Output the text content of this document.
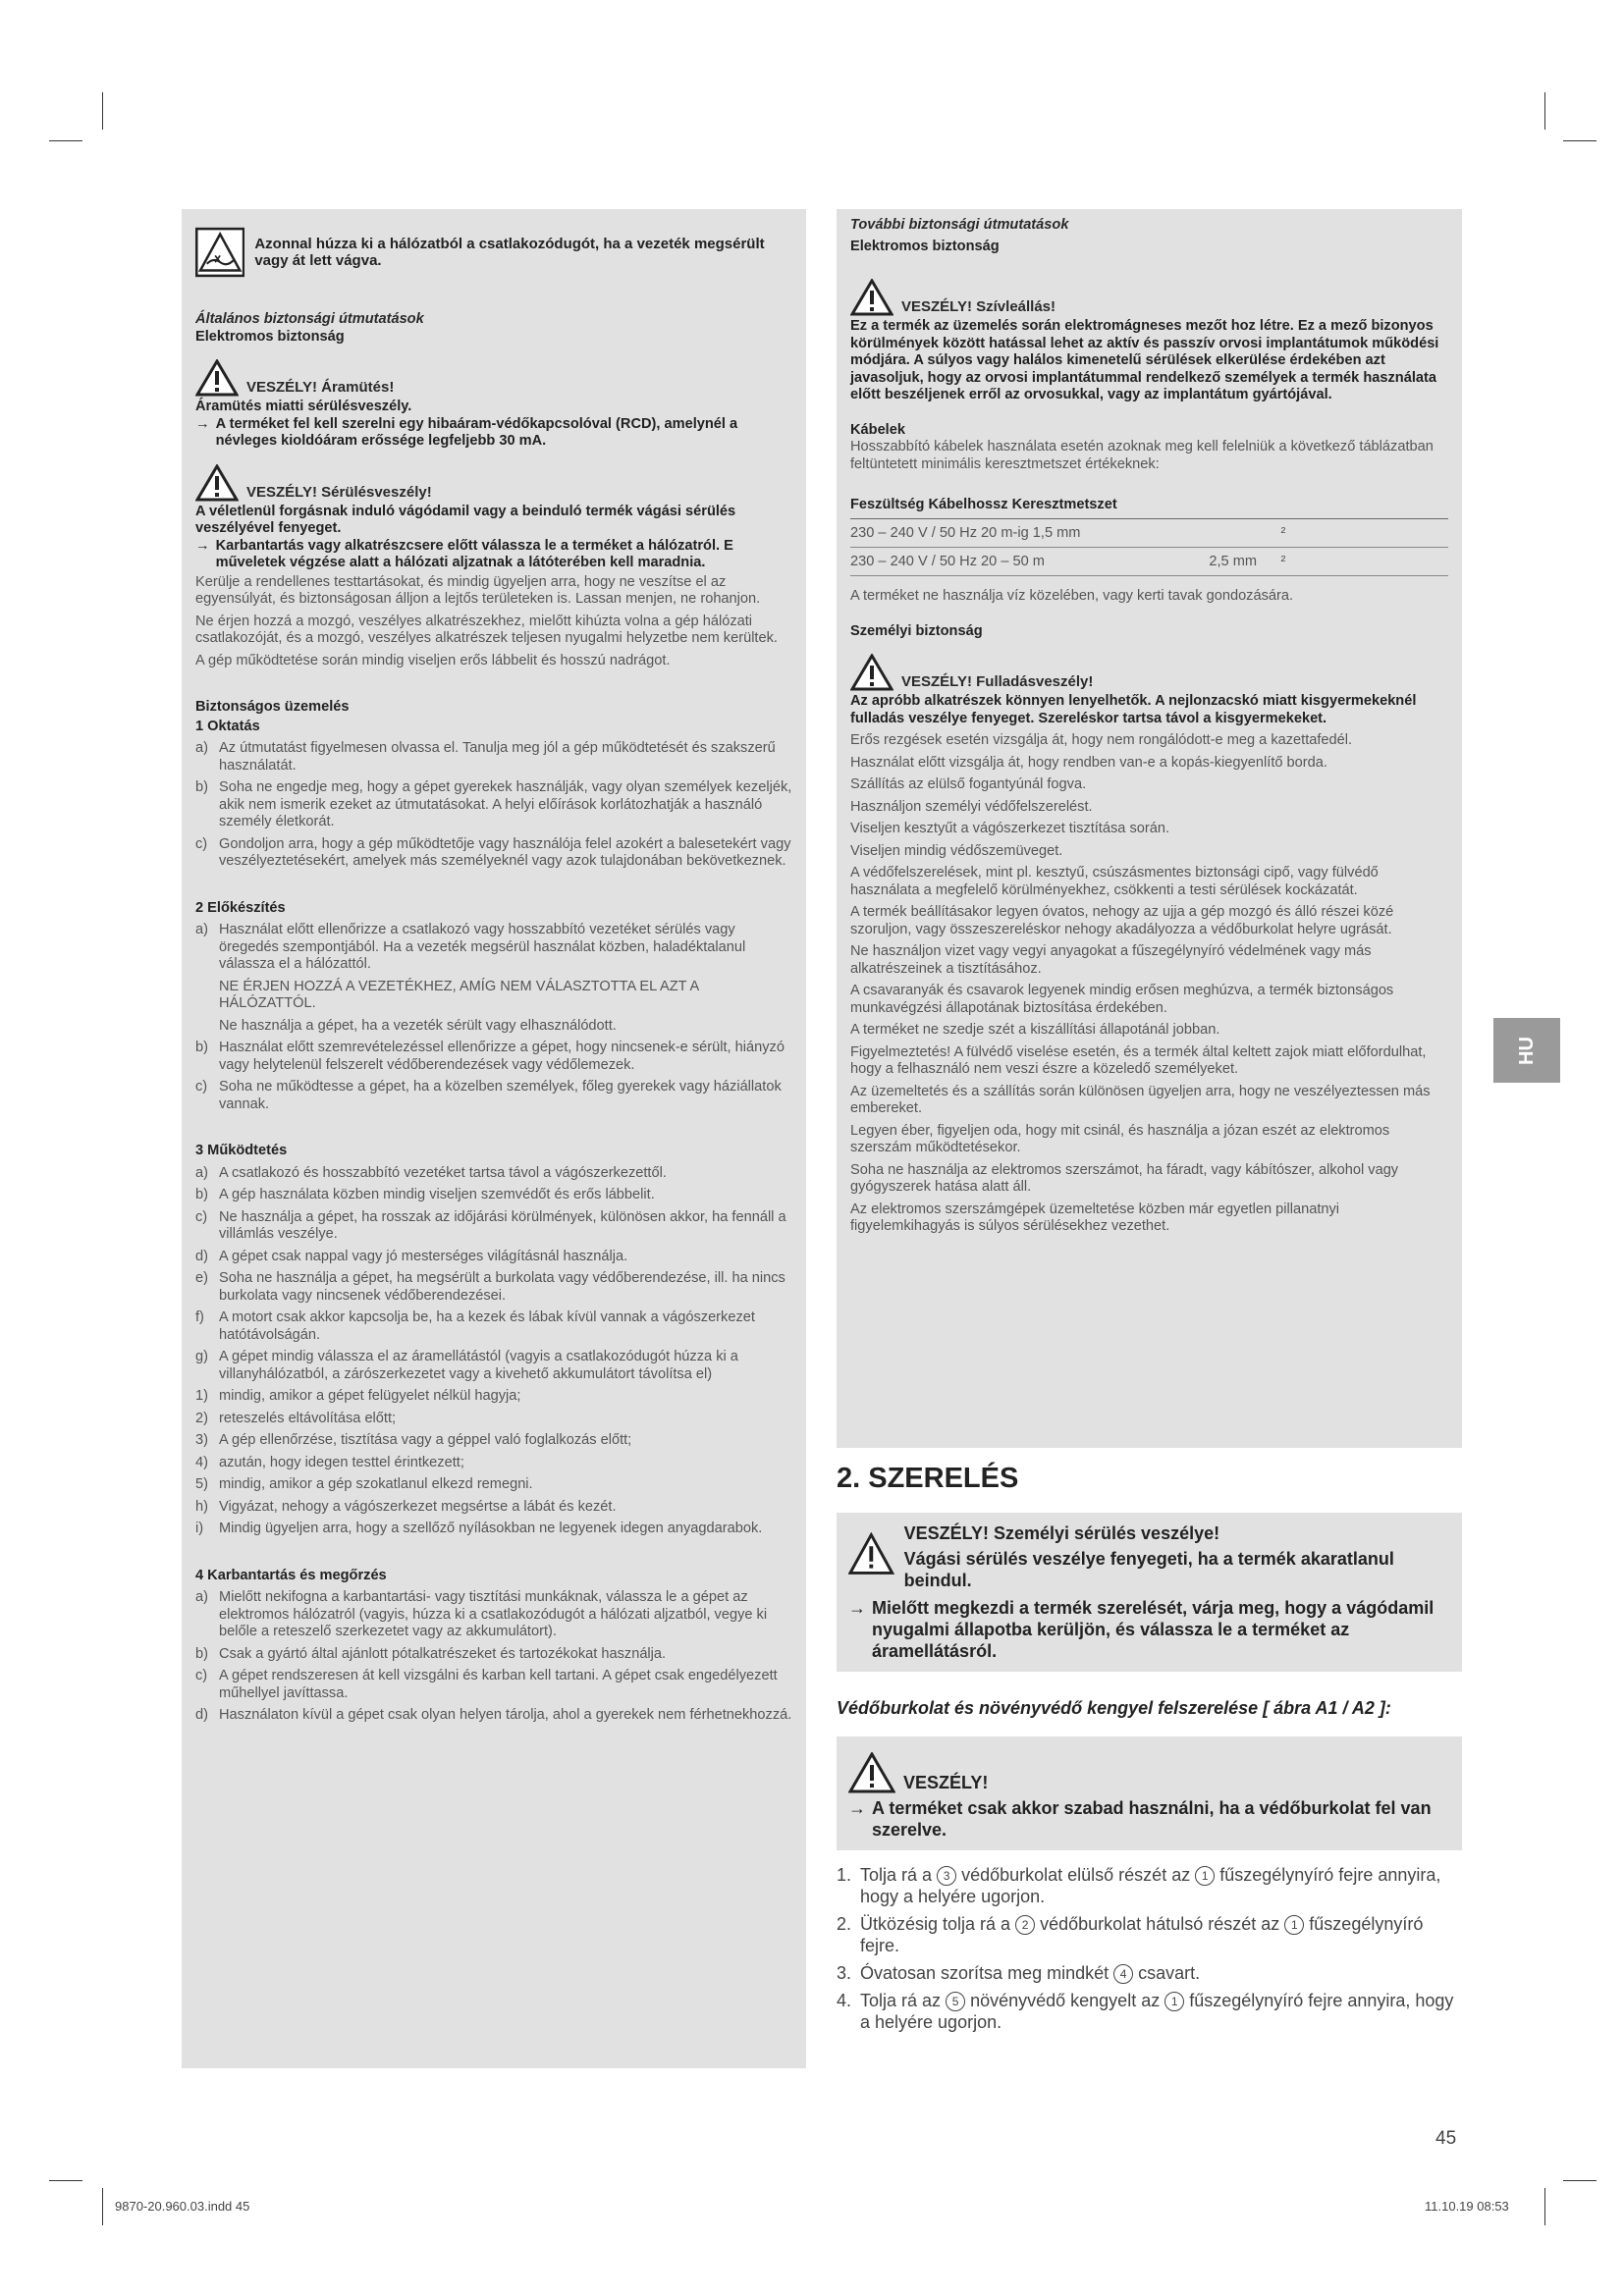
Azonnal húzza ki a hálózatból a csatlakozódugót, ha a vezeték megsérült vagy át lett vágva.

Általános biztonsági útmutatások

Elektromos biztonság

VESZÉLY! Áramütés!

Áramütés miatti sérülésveszély.

→ A terméket fel kell szerelni egy hibaáram-védőkapcsolóval (RCD), amelynél a névleges kioldóáram erőssége legfeljebb 30 mA.
VESZÉLY! Sérülésveszély!

A véletlenül forgásnak induló vágódamil vagy a beinduló termék vágási sérülés veszélyével fenyeget.

→ Karbantartás vagy alkatrészcsere előtt válassza le a terméket a hálózatról. E műveletek végzése alatt a hálózati aljzatnak a látóterében kell maradnia.

Kerülje a rendellenes testtartásokat, és mindig ügyeljen arra, hogy ne veszítse el az egyensúlyát, és biztonságosan álljon a lejtős területeken is. Lassan menjen, ne rohanjon.

Ne érjen hozzá a mozgó, veszélyes alkatrészekhez, mielőtt kihúzta volna a gép hálózati csatlakozóját, és a mozgó, veszélyes alkatrészek teljesen nyugalmi helyzetbe nem kerültek.

A gép működtetése során mindig viseljen erős lábbelit és hosszú nadrágot.

Biztonságos üzemelés

1 Oktatás

a) Az útmutatást figyelmesen olvassa el. Tanulja meg jól a gép működtetését és szakszerű használatát.
b) Soha ne engedje meg, hogy a gépet gyerekek használják, vagy olyan személyek kezeljék, akik nem ismerik ezeket az útmutatásokat. A helyi előírások korlátozhatják a használó személy életkorát.
c) Gondoljon arra, hogy a gép működtetője vagy használója felel azokért a balesetekért vagy veszélyeztetésekért, amelyek más személyeknél vagy azok tulajdonában bekövetkeznek.

2 Előkészítés

a) Használat előtt ellenőrizze a csatlakozó vagy hosszabbító vezetéket sérülés vagy öregedés szempontjából. Ha a vezeték megsérül használat közben, haladéktalanul válassza el a hálózattól.
NE ÉRJEN HOZZÁ A VEZETÉKHEZ, AMÍG NEM VÁLASZTOTTA EL AZT A HÁLÓZATTÓL.
Ne használja a gépet, ha a vezeték sérült vagy elhasználódott.
b) Használat előtt szemrevételezéssel ellenőrizze a gépet, hogy nincsenek-e sérült, hiányzó vagy helytelenül felszerelt védőberendezések vagy védőlemezek.
c) Soha ne működtesse a gépet, ha a közelben személyek, főleg gyerekek vagy háziállatok vannak.

3 Működtetés

a) A csatlakozó és hosszabbító vezetéket tartsa távol a vágószerkezettől.
b) A gép használata közben mindig viseljen szemvédőt és erős lábbelit.
c) Ne használja a gépet, ha rosszak az időjárási körülmények, különösen akkor, ha fennáll a villámlás veszélye.
d) A gépet csak nappal vagy jó mesterséges világításnál használja.
e) Soha ne használja a gépet, ha megsérült a burkolata vagy védőberendezése, ill. ha nincs burkolata vagy nincsenek védőberendezései.
f)	A motort csak akkor kapcsolja be, ha a kezek és lábak kívül vannak a vágószerkezet hatótávolságán.
g) A gépet mindig válassza el az áramellátástól (vagyis a csatlakozódugót húzza ki a villanyhálózatból, a zárószerkezetet vagy a kivehető akkumulátort távolítsa el)
1) mindig, amikor a gépet felügyelet nélkül hagyja;
2) reteszelés eltávolítása előtt;
3) A gép ellenőrzése, tisztítása vagy a géppel való foglalkozás előtt;
4) azután, hogy idegen testtel érintkezett;
5) mindig, amikor a gép szokatlanul elkezd remegni.
h) Vigyázat, nehogy a vágószerkezet megsértse a lábát és kezét.
i)	Mindig ügyeljen arra, hogy a szellőző nyílásokban ne legyenek idegen anyagdarabok.

4 Karbantartás és megőrzés

a) Mielőtt nekifogna a karbantartási- vagy tisztítási munkáknak, válassza le a gépet az elektromos hálózatról (vagyis, húzza ki a csatlakozódugót a hálózati aljzatból, vegye ki belőle a reteszelő szerkezetet vagy az akkumulátort).
b) Csak a gyártó által ajánlott pótalkatrészeket és tartozékokat használja.
c) A gépet rendszeresen át kell vizsgálni és karban kell tartani. A gépet csak engedélyezett műhellyel javíttassa.
d) Használaton kívül a gépet csak olyan helyen tárolja, ahol a gyerekek nem férhetnekhozzá.

További biztonsági útmutatások

Elektromos biztonság

VESZÉLY! Szívleállás!

Ez a termék az üzemelés során elektromágneses mezőt hoz létre. Ez a mező bizonyos körülmények között hatással lehet az aktív és passzív orvosi implantátumok működési módjára. A súlyos vagy halálos kimenetelű sérülések elkerülése érdekében azt javasoljuk, hogy az orvosi implantátummal rendelkező személyek a termék használata előtt beszéljenek erről az orvosukkal, vagy az implantátum gyártójával.

Kábelek

Hosszabbító kábelek használata esetén azoknak meg kell felelniük a következő táblázatban feltüntetett minimális keresztmetszet értékeknek:

Feszültség Kábelhossz Keresztmetszet		
230 – 240 V / 50 Hz 20 m-ig 1,5 mm		²
230 – 240 V / 50 Hz 20 – 50 m	2,5 mm	²

A terméket ne használja víz közelében, vagy kerti tavak gondozására.

Személyi biztonság

VESZÉLY! Fulladásveszély!

Az apróbb alkatrészek könnyen lenyelhetők. A nejlonzacskó miatt kisgyermekeknél fulladás veszélye fenyeget. Szereléskor tartsa távol a kisgyermekeket.

Erős rezgések esetén vizsgálja át, hogy nem rongálódott-e meg a kazettafedél.

Használat előtt vizsgálja át, hogy rendben van-e a kopás-kiegyenlítő borda.

Szállítás az elülső fogantyúnál fogva.

Használjon személyi védőfelszerelést.

Viseljen kesztyűt a vágószerkezet tisztítása során.

Viseljen mindig védőszemüveget.

A védőfelszerelések, mint pl. kesztyű, csúszásmentes biztonsági cipő, vagy fülvédő használata a megfelelő körülményekhez, csökkenti a testi sérülések kockázatát.

A termék beállításakor legyen óvatos, nehogy az ujja a gép mozgó és álló részei közé szoruljon, vagy összeszereléskor nehogy akadályozza a védőburkolat helyre ugrását.

Ne használjon vizet vagy vegyi anyagokat a fűszegélynyíró védelmének vagy más alkatrészeinek a tisztításához.

A csavaranyák és csavarok legyenek mindig erősen meghúzva, a termék biztonságos munkavégzési állapotának biztosítása érdekében.

A terméket ne szedje szét a kiszállítási állapotánál jobban.

Figyelmeztetés! A fülvédő viselése esetén, és a termék által keltett zajok miatt előfordulhat, hogy a felhasználó nem veszi észre a közeledő személyeket.

Az üzemeltetés és a szállítás során különösen ügyeljen arra, hogy ne veszélyeztessen más embereket.

Legyen éber, figyeljen oda, hogy mit csinál, és használja a józan eszét az elektromos szerszám működtetésekor.

Soha ne használja az elektromos szerszámot, ha fáradt, vagy kábítószer, alkohol vagy gyógyszerek hatása alatt áll.

Az elektromos szerszámgépek üzemeltetése közben már egyetlen pillanatnyi figyelemkihagyás is súlyos sérülésekhez vezethet.

2. SZERELÉS

VESZÉLY! Személyi sérülés veszélye!

Vágási sérülés veszélye fenyegeti, ha a termék akaratlanul beindul.

→ Mielőtt megkezdi a termék szerelését, várja meg, hogy a vágódamil nyugalmi állapotba kerüljön, és válassza le a terméket az áramellátásról.

Védőburkolat és növényvédő kengyel felszerelése [ ábra A1 / A2 ]:

VESZÉLY!
→ A terméket csak akkor szabad használni, ha a védőburkolat fel van szerelve.
1. Tolja rá a 3 védőburkolat elülső részét az 1 fűszegélynyíró fejre annyira, hogy a helyére ugorjon.
2. Ütközésig tolja rá a 2 védőburkolat hátulsó részét az 1 fűszegélynyíró fejre.
3. Óvatosan szorítsa meg mindkét 4 csavart.
4. Tolja rá az 5 növényvédő kengyelt az 1 fűszegélynyíró fejre annyira, hogy a helyére ugorjon.
HU
45
9870-20.960.03.indd 45	11.10.19 08:53
